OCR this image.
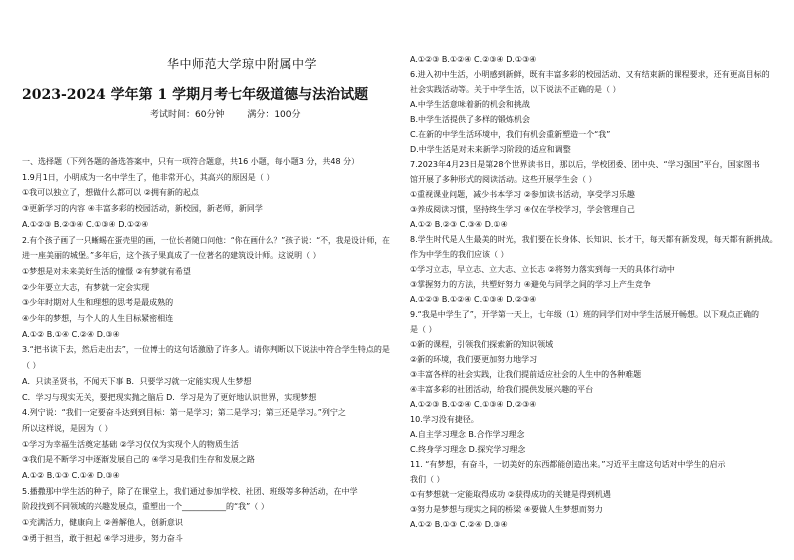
华中师范大学琼中附属中学
2023-2024 学年第 1 学期月考七年级道德与法治试题
考试时间：60分钟	满分：100分
一、选择题（下列各题的备选答案中，只有一项符合题意，共16 小题，每小题3 分，共48 分）
1.9月1日，小明成为一名中学生了，他非常开心，其高兴的原因是（ ）
①我可以独立了，想做什么都可以 ②拥有新的起点
③更新学习的内容 ④丰富多彩的校园活动，新校园，新老师，新同学
A.①②③ B.②③④ C.①③④ D.①②④
2.有个孩子画了一只蜥蜴在蛋壳里的画，一位长者随口问他：“你在画什么？”孩子说：“不，我是设计师，在
进一座美丽的城堡。”多年后，这个孩子果真成了一位著名的建筑设计师。这说明（ ）
①梦想是对未来美好生活的憧憬 ②有梦就有希望
②少年要立大志，有梦就一定会实现
③少年时期对人生和理想的思考是最成熟的
④少年的梦想，与个人的人生目标紧密相连
A.①② B.①④ C.②④ D.③④
3.“把书读下去，然后走出去”，一位博士的这句话激励了许多人。请你判断以下说法中符合学生特点的是
（ ）
A．只读圣贤书，不闻天下事 B．只要学习就一定能实现人生梦想
C．学习与现实无关，要把现实抛之脑后 D．学习是为了更好地认识世界，实现梦想
4.列宁说：“我们一定要奋斗达到到目标：第一是学习；第二是学习；第三还是学习。”列宁之
所以这样说，是因为（ ）
①学习为幸福生活奠定基础 ②学习仅仅为实现个人的物质生活
③我们是不断学习中逐渐发展自己的 ④学习是我们生存和发展之路
A.①② B.①③ C.①④ D.③④
5.播撒那中学生活的种子，除了在课堂上，我们通过参加学校、社团、班级等多种活动，在中学
阶段找到不同领域的兴趣发展点，重塑出一个___________的“我”（ ）
①充满活力，健康向上 ②善解他人，创新意识
③勇于担当，敢于担起 ④学习进步，努力奋斗
A.①②③ B.①②④ C.②③④ D.①③④
6.进入初中生活，小明感到新鲜，既有丰富多彩的校园活动、又有结束新的课程要求，还有更高目标的
社会实践活动等。关于中学生活，以下说法不正确的是（ ）
A.中学生活意味着新的机会和挑战
B.中学生活提供了多样的锻炼机会
C.在新的中学生活环境中，我们有机会重新塑造一个“我”
D.中学生活是对未来新学习阶段的适应和调整
7.2023年4月23日是第28个世界读书日，那以后，学校团委、团中央、“学习强国”平台，国家图书
馆开展了多种形式的阅读活动。这些开展学生会（ ）
①重视课业问题，减少书本学习 ②参加读书活动，享受学习乐趣
③养成阅读习惯，坚持终生学习 ④仅在学校学习，学会管理自己
A.①② B.②③ C.③④ D.①④
8.学生时代是人生最美的时光，我们要在长身体、长知识、长才干，每天都有新发现，每天都有新挑战。
作为中学生的我们应该（ ）
①学习立志，早立志、立大志、立长志 ②将努力落实到每一天的具体行动中
③掌握努力的方法，共塑好努力 ④避免与同学之间的学习上产生竞争
A.①②③ B.①②④ C.①③④ D.②③④
9.“我是中学生了”，开学第一天上，七年级（1）班的同学们对中学生活展开畅想。以下观点正确的
是（ ）
①新的课程，引领我们探索新的知识领域
②新的环境，我们要更加努力地学习
③丰富各样的社会实践，让我们提前适应社会的人生中的各种难题
④丰富多彩的社团活动，给我们提供发展兴趣的平台
A.①②③ B.①②④ C.①③④ D.②③④
10.学习没有捷径。
A.自主学习理念 B.合作学习理念
C.终身学习理念 D.探究学习理念
11. “有梦想，有奋斗，一切美好的东西都能创造出来。”习近平主席这句话对中学生的启示
我们（ ）
①有梦想就一定能取得成功 ②获得成功的关键是得到机遇
③努力是梦想与现实之间的桥梁 ④要做人生梦想而努力
A.①② B.①③ C.②④ D.③④
